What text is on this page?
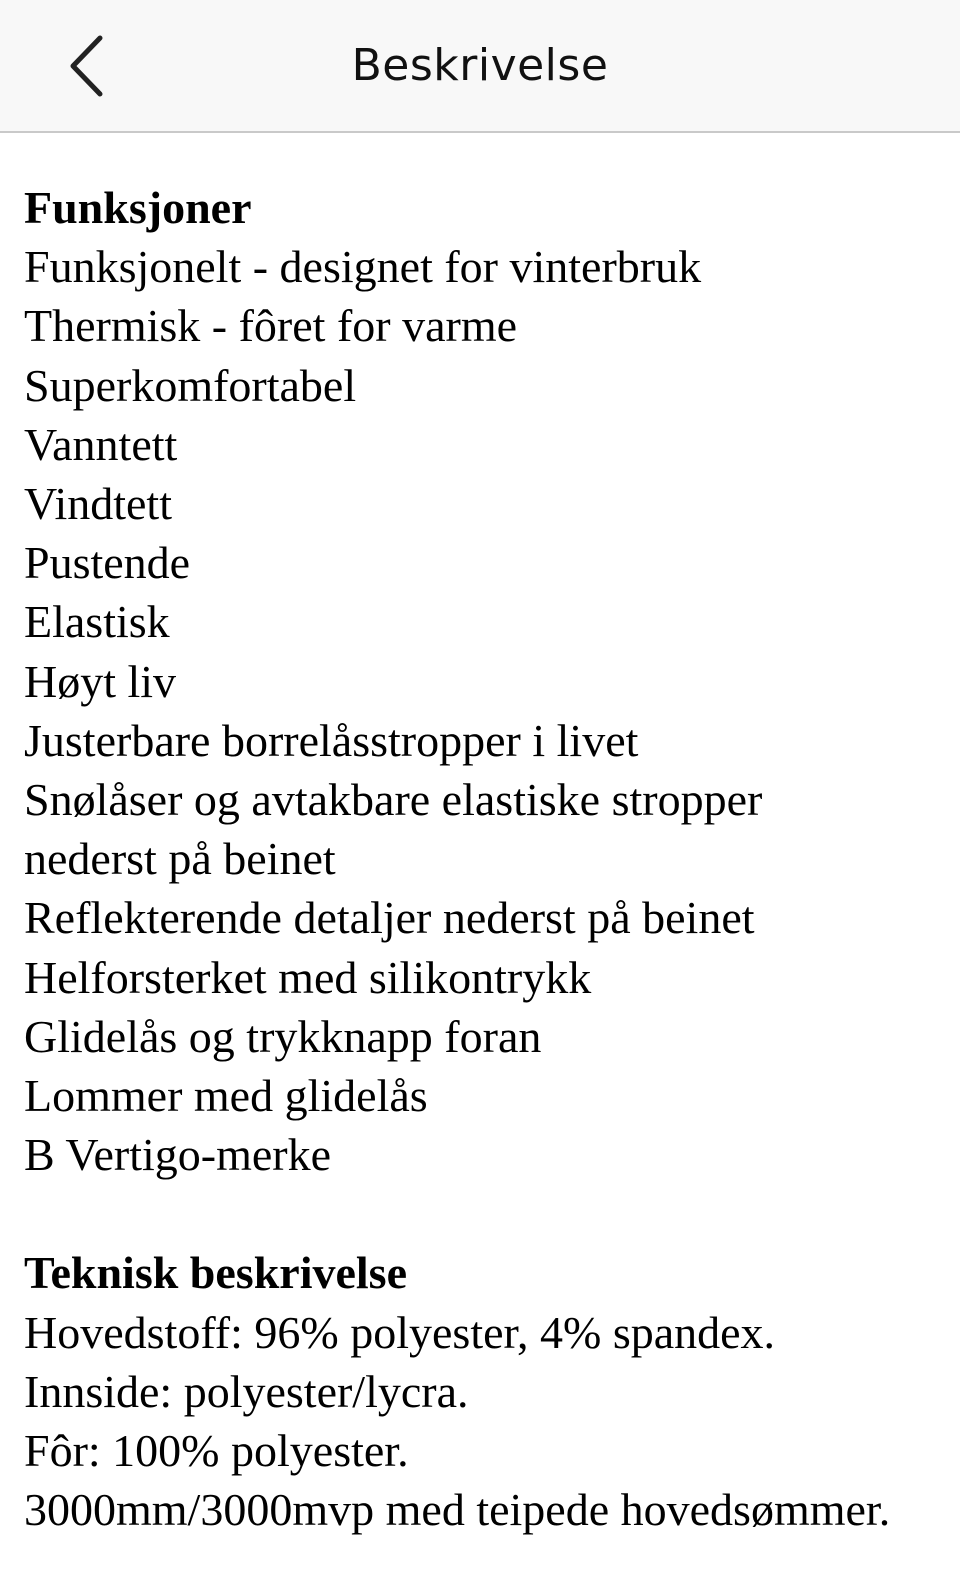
Beskrivelse

Funksjoner

Funksjonelt - designet for vinterbruk

Thermisk - fôret for varme

Superkomfortabel

Vanntett

Vindtett

Pustende

Elastisk

Høyt liv

Justerbare borrelåsstropper i livet

Snølåser og avtakbare elastiske stropper

nederst på beinet

Reflekterende detaljer nederst på beinet

Helforsterket med silikontrykk

Glidelås og trykknapp foran

Lommer med glidelås

B Vertigo-merke

Teknisk beskrivelse

Hovedstoff: 96% polyester, 4% spandex.

Innside: polyester/lycra.

Fôr: 100% polyester.

3000mm/3000mvp med teipede hovedsømmer.
